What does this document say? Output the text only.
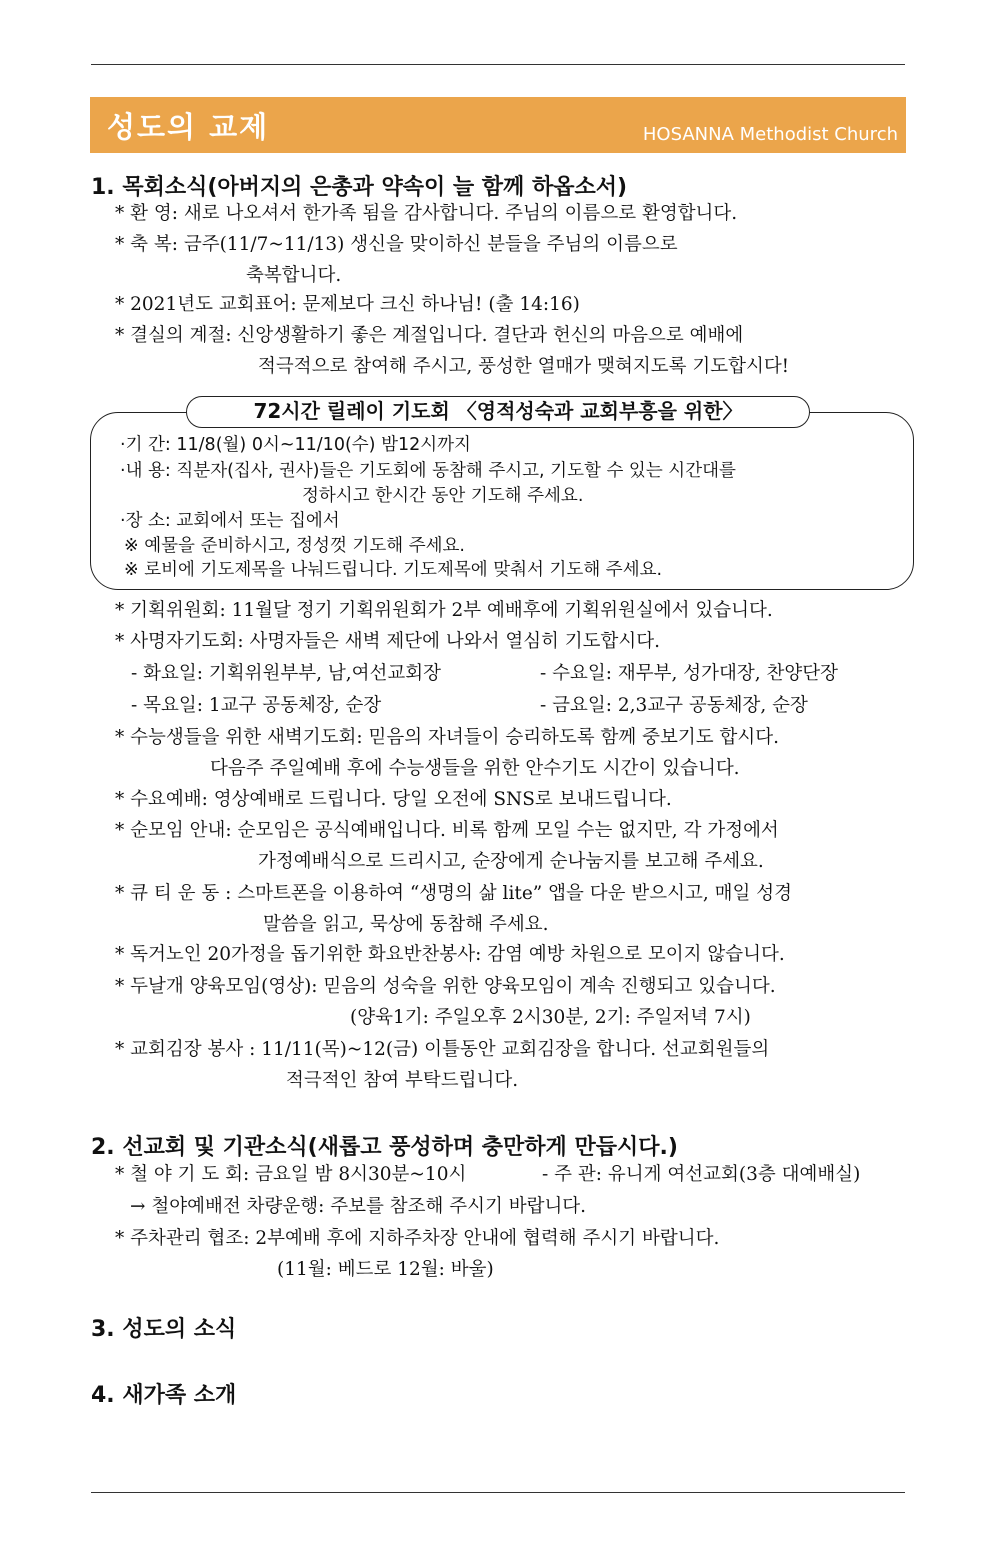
성도의 교제	HOSANNA Methodist Church
1. 목회소식(아버지의 은총과 약속이 늘 함께 하옵소서)
* 환 영: 새로 나오셔서 한가족 됨을 감사합니다. 주님의 이름으로 환영합니다.
* 축 복: 금주(11/7~11/13) 생신을 맞이하신 분들을 주님의 이름으로
축복합니다.
* 2021년도 교회표어: 문제보다 크신 하나님! (출 14:16)
* 결실의 계절: 신앙생활하기 좋은 계절입니다. 결단과 헌신의 마음으로 예배에
적극적으로 참여해 주시고, 풍성한 열매가 맺혀지도록 기도합시다!
72시간 릴레이 기도회 〈영적성숙과 교회부흥을 위한〉
·기 간: 11/8(월) 0시~11/10(수) 밤12시까지
·내 용: 직분자(집사, 권사)들은 기도회에 동참해 주시고, 기도할 수 있는 시간대를
정하시고 한시간 동안 기도해 주세요.
·장 소: 교회에서 또는 집에서
※ 예물을 준비하시고, 정성껏 기도해 주세요.
※ 로비에 기도제목을 나눠드립니다. 기도제목에 맞춰서 기도해 주세요.
* 기획위원회: 11월달 정기 기획위원회가 2부 예배후에 기획위원실에서 있습니다.
* 사명자기도회: 사명자들은 새벽 제단에 나와서 열심히 기도합시다.
- 화요일: 기획위원부부, 남,여선교회장	- 수요일: 재무부, 성가대장, 찬양단장
- 목요일: 1교구 공동체장, 순장	- 금요일: 2,3교구 공동체장, 순장
* 수능생들을 위한 새벽기도회: 믿음의 자녀들이 승리하도록 함께 중보기도 합시다.
다음주 주일예배 후에 수능생들을 위한 안수기도 시간이 있습니다.
* 수요예배: 영상예배로 드립니다. 당일 오전에 SNS로 보내드립니다.
* 순모임 안내: 순모임은 공식예배입니다. 비록 함께 모일 수는 없지만, 각 가정에서
가정예배식으로 드리시고, 순장에게 순나눔지를 보고해 주세요.
* 큐 티 운 동 : 스마트폰을 이용하여 “생명의 삶 lite” 앱을 다운 받으시고, 매일 성경
말씀을 읽고, 묵상에 동참해 주세요.
* 독거노인 20가정을 돕기위한 화요반찬봉사: 감염 예방 차원으로 모이지 않습니다.
* 두날개 양육모임(영상): 믿음의 성숙을 위한 양육모임이 계속 진행되고 있습니다.
(양육1기: 주일오후 2시30분, 2기: 주일저녁 7시)
* 교회김장 봉사 : 11/11(목)~12(금) 이틀동안 교회김장을 합니다. 선교회원들의
적극적인 참여 부탁드립니다.
2. 선교회 및 기관소식(새롭고 풍성하며 충만하게 만듭시다.)
* 철 야 기 도 회: 금요일 밤 8시30분~10시	- 주 관: 유니게 여선교회(3층 대예배실)
→ 철야예배전 차량운행: 주보를 참조해 주시기 바랍니다.
* 주차관리 협조: 2부예배 후에 지하주차장 안내에 협력해 주시기 바랍니다.
(11월: 베드로 12월: 바울)
3. 성도의 소식
4. 새가족 소개
